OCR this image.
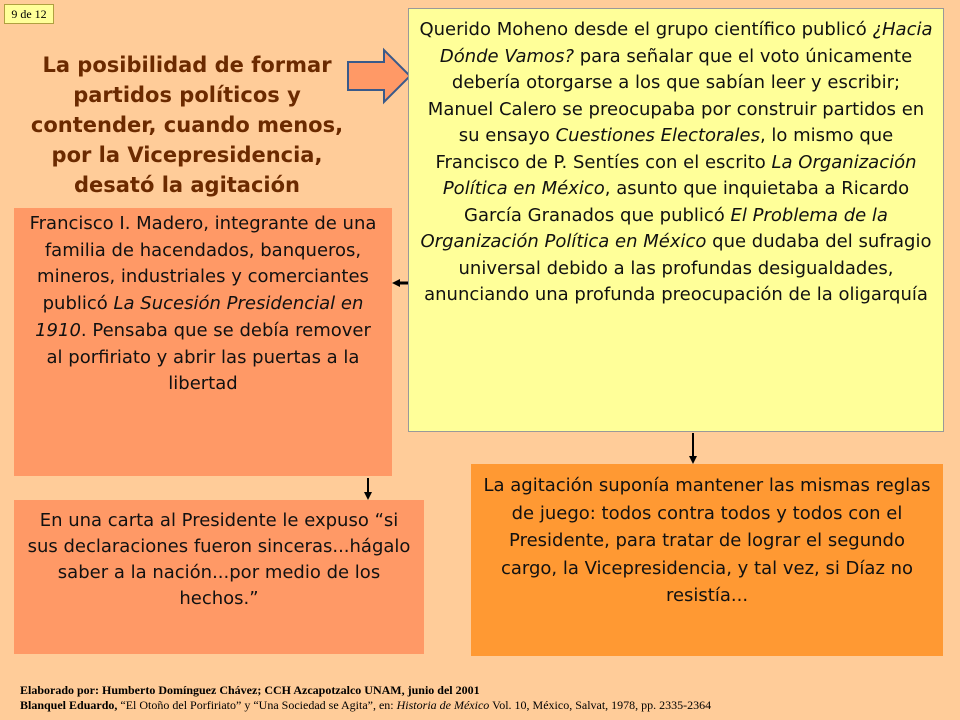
9 de 12
La posibilidad de formar partidos políticos y contender, cuando menos, por la Vicepresidencia, desató la agitación
Querido Moheno desde el grupo científico publicó ¿Hacia Dónde Vamos? para señalar que el voto únicamente debería otorgarse a los que sabían leer y escribir; Manuel Calero se preocupaba por construir partidos en su ensayo Cuestiones Electorales, lo mismo que Francisco de P. Sentíes con el escrito La Organización Política en México, asunto que inquietaba a Ricardo García Granados que publicó El Problema de la Organización Política en México que dudaba del sufragio universal debido a las profundas desigualdades, anunciando una profunda preocupación de la oligarquía
Francisco I. Madero, integrante de una familia de hacendados, banqueros, mineros, industriales y comerciantes publicó La Sucesión Presidencial en 1910. Pensaba que se debía remover al porfiriato y abrir las puertas a la libertad
En una carta al Presidente le expuso “si sus declaraciones fueron sinceras...hágalo saber a la nación...por medio de los hechos.”
La agitación suponía mantener las mismas reglas de juego: todos contra todos y todos con el Presidente, para tratar de lograr el segundo cargo, la Vicepresidencia, y tal vez, si Díaz no resistía...
Elaborado por: Humberto Domínguez Chávez; CCH Azcapotzalco UNAM, junio del 2001
Blanquel Eduardo, “El Otoño del Porfiriato” y “Una Sociedad se Agita”, en: Historia de México Vol. 10, México, Salvat, 1978, pp. 2335-2364
